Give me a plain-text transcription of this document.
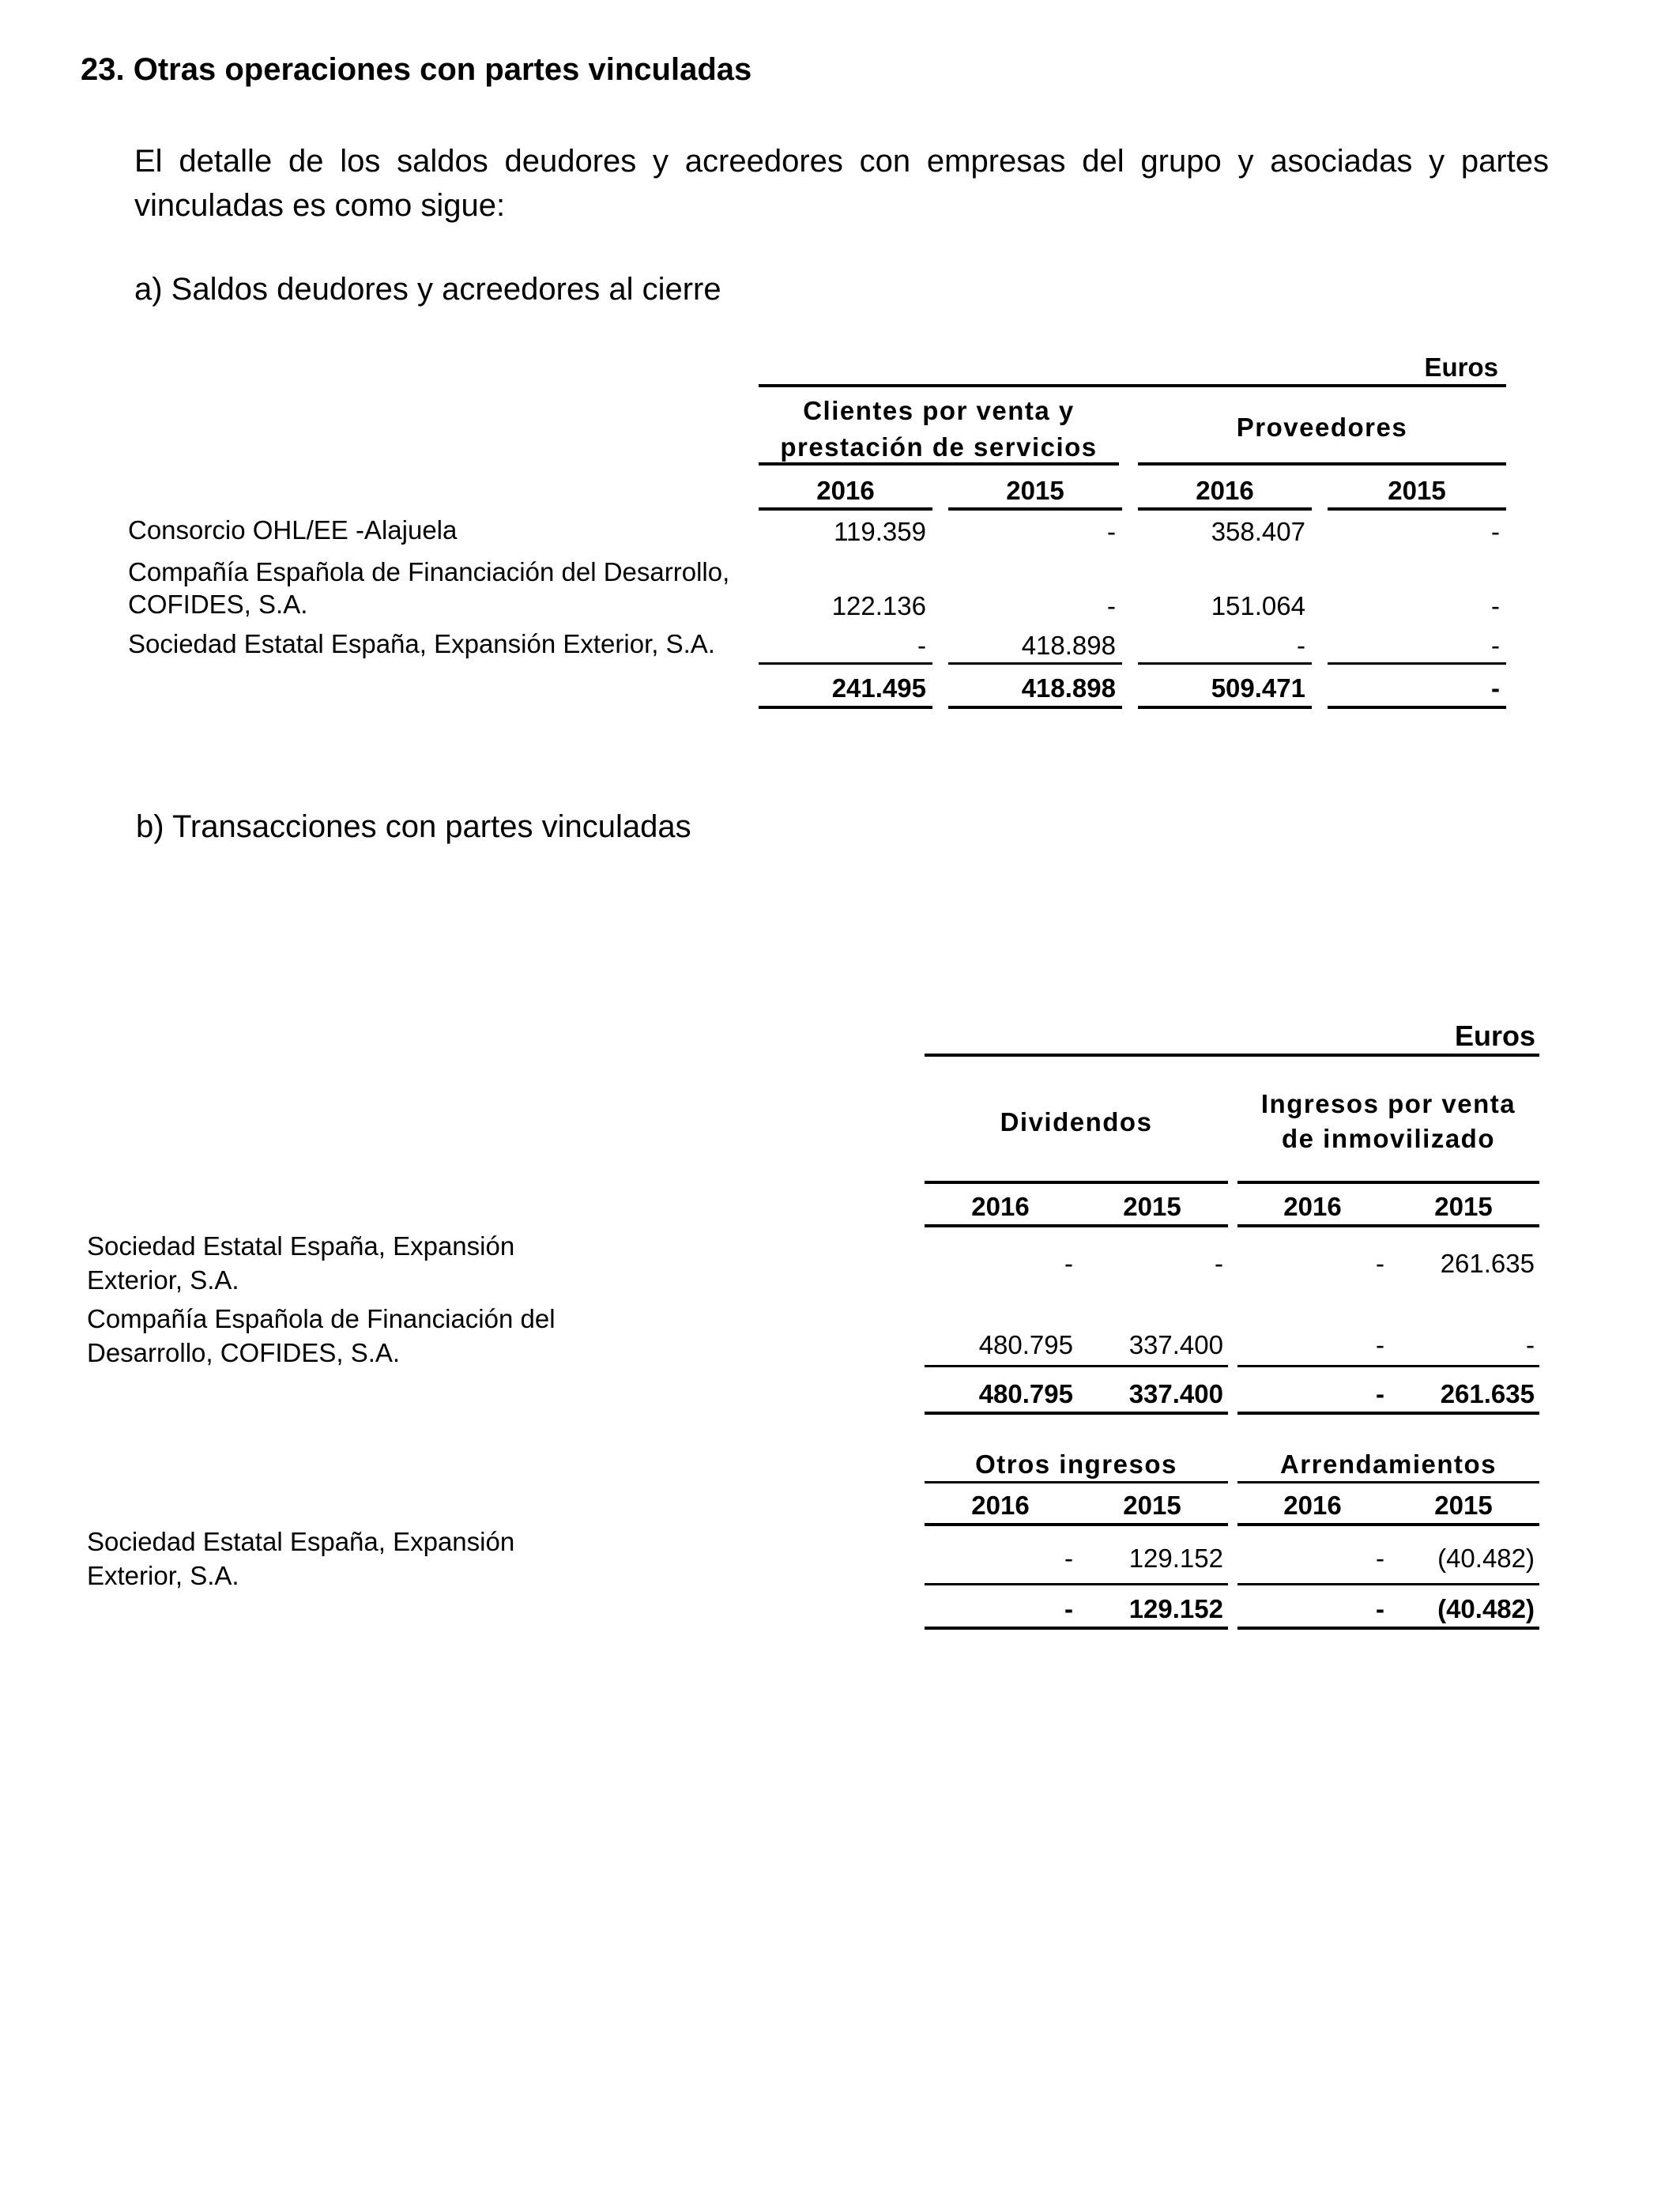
23. Otras operaciones con partes vinculadas
El detalle de los saldos deudores y acreedores con empresas del grupo y asociadas y partes vinculadas es como sigue:
a) Saldos deudores y acreedores al cierre
Euros
Clientes por venta y prestación de servicios
Proveedores
2016	2015	2016	2015
Consorcio OHL/EE -Alajuela	119.359	-	358.407	-
Compañía Española de Financiación del Desarrollo,
COFIDES, S.A.	122.136	-	151.064	-
Sociedad Estatal España, Expansión Exterior, S.A.	-	418.898	-	-
241.495	418.898	509.471	-
b) Transacciones con partes vinculadas
Euros
Dividendos
Ingresos por venta
de inmovilizado
2016	2015	2016	2015
Sociedad Estatal España, Expansión
Exterior, S.A.
-	-	-	261.635
Compañía Española de Financiación del
Desarrollo, COFIDES, S.A.	480.795	337.400	-	-
480.795	337.400	-	261.635
Otros ingresos	Arrendamientos
2016	2015	2016	2015
Sociedad Estatal España, Expansión
Exterior, S.A.
-	129.152	-	(40.482)
-	129.152	-	(40.482)
